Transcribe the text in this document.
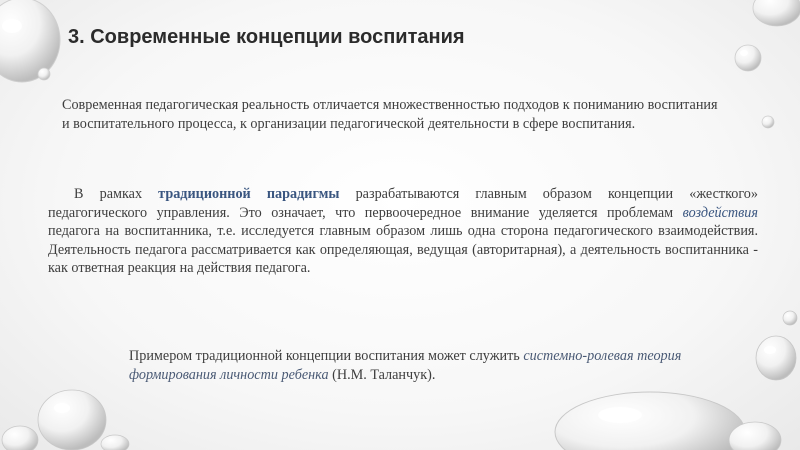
3. Современные концепции воспитания

Современная педагогическая реальность отличается множественностью подходов к пониманию воспитания и воспитательного процесса, к организации педагогической деятельности в сфере воспитания.

В рамках традиционной парадигмы разрабатываются главным образом концепции «жесткого» педагогического управления. Это означает, что первоочередное внимание уделяется проблемам воздействия педагога на воспитанника, т.е. исследуется главным образом лишь одна сторона педагогического взаимодействия. Деятельность педагога рассматривается как определяющая, ведущая (авторитарная), а деятельность воспитанника - как ответная реакция на действия педагога.

Примером традиционной концепции воспитания может служить системно-ролевая теория формирования личности ребенка (Н.М. Таланчук).
